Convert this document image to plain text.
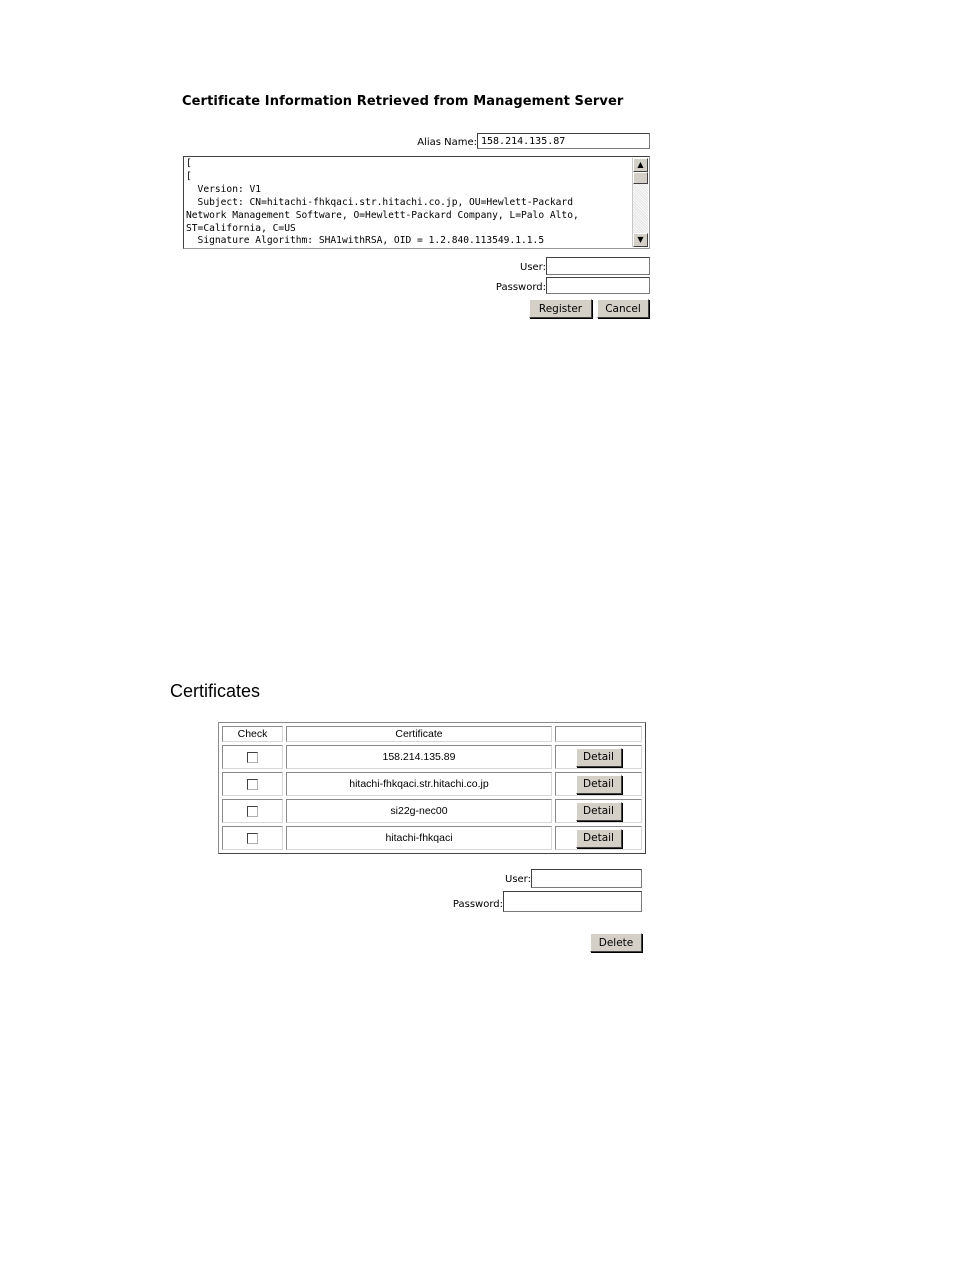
Certificate Information Retrieved from Management Server
Alias Name:
158.214.135.87
[
[
Version: V1
Subject: CN=hitachi-fhkqaci.str.hitachi.co.jp, OU=Hewlett-Packard
Network Management Software, O=Hewlett-Packard Company, L=Palo Alto,
ST=California, C=US
Signature Algorithm: SHA1withRSA, OID = 1.2.840.113549.1.1.5
▲
▼
User:
Password:
Register	Cancel
Certificates
Check	Certificate	
	158.214.135.89	Detail
	hitachi-fhkqaci.str.hitachi.co.jp	Detail
	si22g-nec00	Detail
	hitachi-fhkqaci	Detail
User:
Password:
Delete
